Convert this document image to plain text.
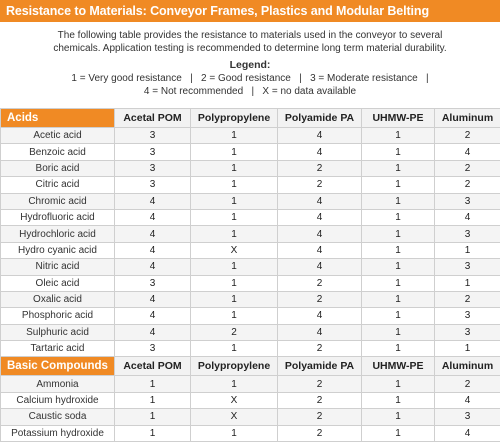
Resistance to Materials: Conveyor Frames, Plastics and Modular Belting
The following table provides the resistance to materials used in the conveyor to several
chemicals. Application testing is recommended to determine long term material durability.
Legend:
1 = Very good resistance   |   2 = Good resistance   |   3 = Moderate resistance   |
4 = Not recommended   |   X = no data available
Acids	Acetal POM	Polypropylene	Polyamide PA	UHMW-PE	Aluminum
Acetic acid	3	1	4	1	2
Benzoic acid	3	1	4	1	4
Boric acid	3	1	2	1	2
Citric acid	3	1	2	1	2
Chromic acid	4	1	4	1	3
Hydrofluoric acid	4	1	4	1	4
Hydrochloric acid	4	1	4	1	3
Hydro cyanic acid	4	X	4	1	1
Nitric acid	4	1	4	1	3
Oleic acid	3	1	2	1	1
Oxalic acid	4	1	2	1	2
Phosphoric acid	4	1	4	1	3
Sulphuric acid	4	2	4	1	3
Tartaric acid	3	1	2	1	1
Basic Compounds	Acetal POM	Polypropylene	Polyamide PA	UHMW-PE	Aluminum
Ammonia	1	1	2	1	2
Calcium hydroxide	1	X	2	1	4
Caustic soda	1	X	2	1	3
Potassium hydroxide	1	1	2	1	4
